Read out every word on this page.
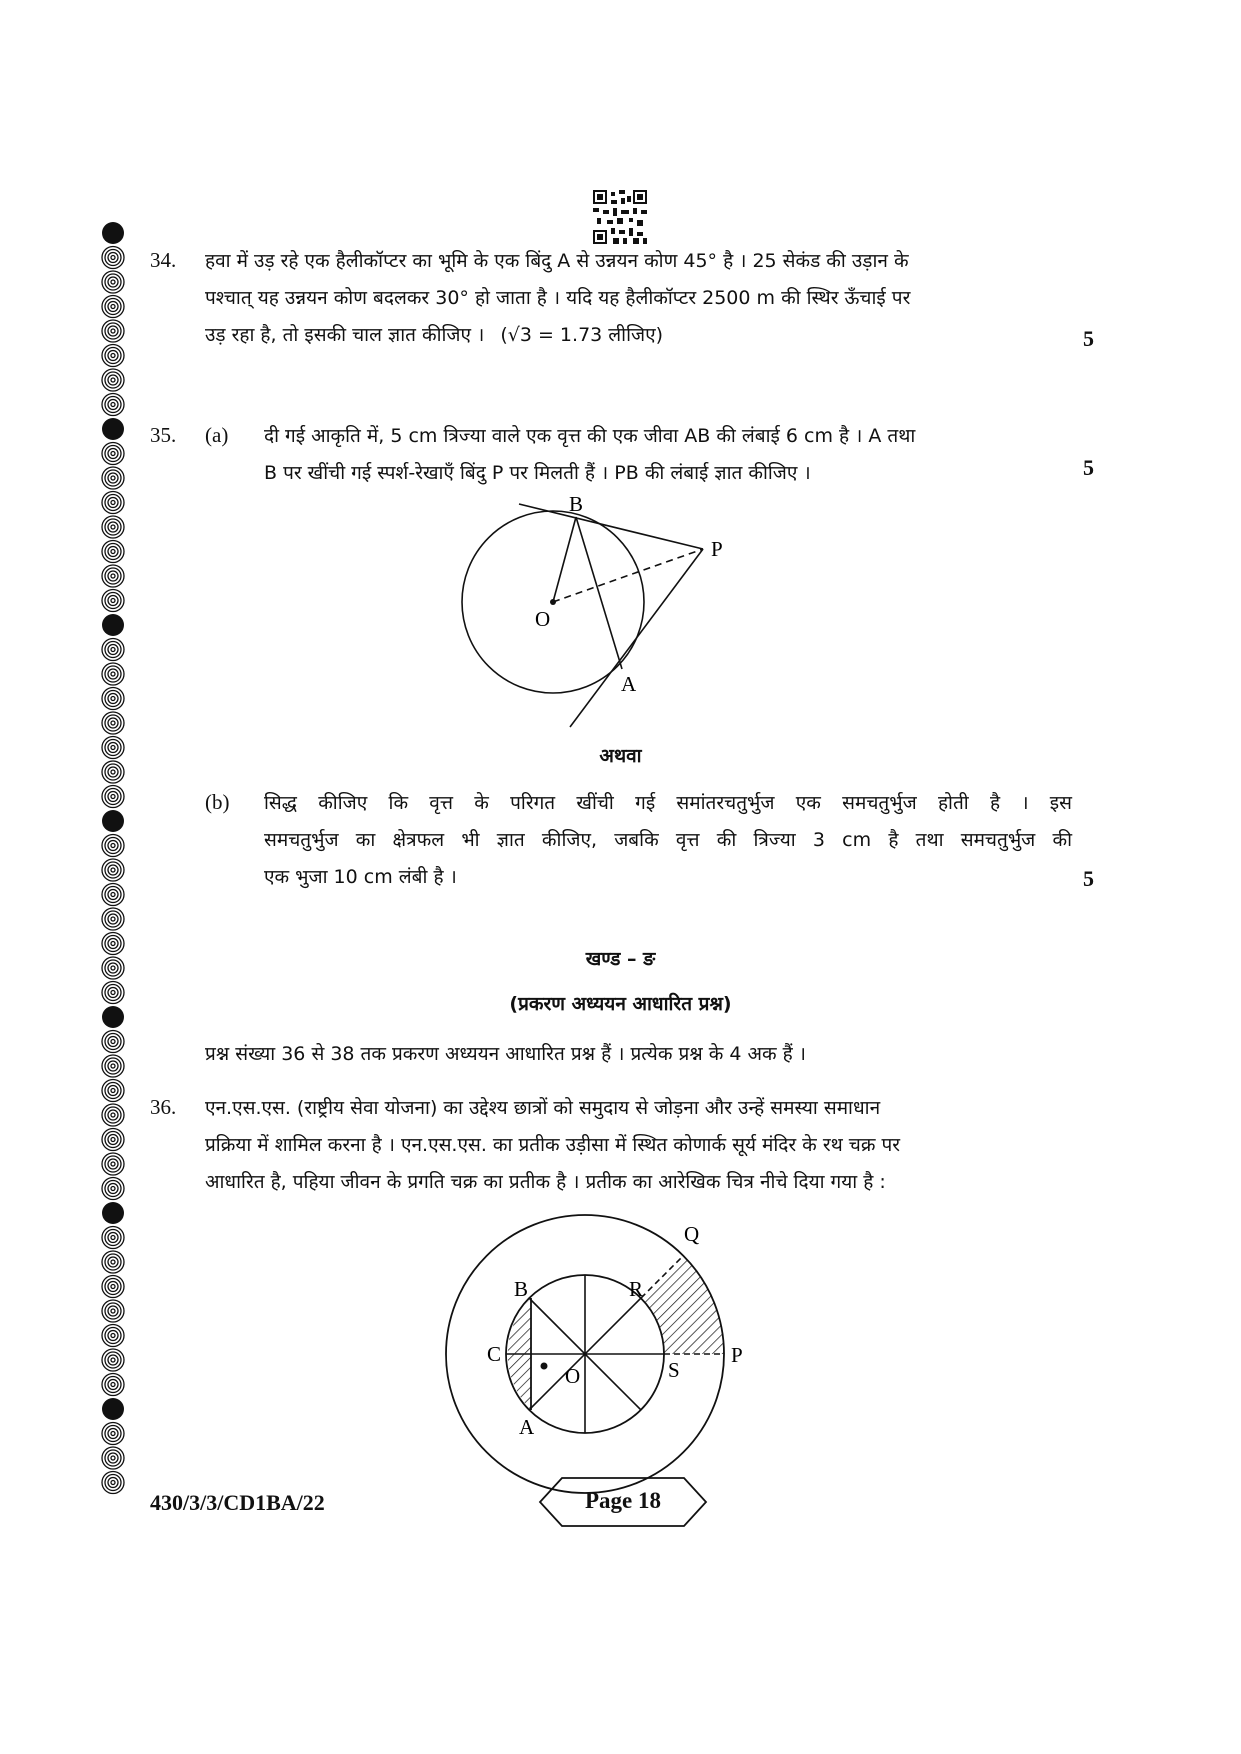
34. हवा में उड़ रहे एक हैलीकॉप्टर का भूमि के एक बिंदु A से उन्नयन कोण 45° है । 25 सेकंड की उड़ान के
पश्चात् यह उन्नयन कोण बदलकर 30° हो जाता है । यदि यह हैलीकॉप्टर 2500 m की स्थिर ऊँचाई पर
उड़ रहा है, तो इसकी चाल ज्ञात कीजिए । (√3 = 1.73 लीजिए)	5
35. (a) दी गई आकृति में, 5 cm त्रिज्या वाले एक वृत्त की एक जीवा AB की लंबाई 6 cm है । A तथा
B पर खींची गई स्पर्श-रेखाएँ बिंदु P पर मिलती हैं । PB की लंबाई ज्ञात कीजिए ।	5
B
P
O
A
अथवा
(b) सिद्ध कीजिए कि वृत्त के परिगत खींची गई समांतरचतुर्भुज एक समचतुर्भुज होती है । इस
समचतुर्भुज का क्षेत्रफल भी ज्ञात कीजिए, जबकि वृत्त की त्रिज्या 3 cm है तथा समचतुर्भुज की
एक भुजा 10 cm लंबी है ।	5
खण्ड – ङ
(प्रकरण अध्ययन आधारित प्रश्न)
प्रश्न संख्या 36 से 38 तक प्रकरण अध्ययन आधारित प्रश्न हैं । प्रत्येक प्रश्न के 4 अक हैं ।
36. एन.एस.एस. (राष्ट्रीय सेवा योजना) का उद्देश्य छात्रों को समुदाय से जोड़ना और उन्हें समस्या समाधान
प्रक्रिया में शामिल करना है । एन.एस.एस. का प्रतीक उड़ीसा में स्थित कोणार्क सूर्य मंदिर के रथ चक्र पर
आधारित है, पहिया जीवन के प्रगति चक्र का प्रतीक है । प्रतीक का आरेखिक चित्र नीचे दिया गया है :
Q
R
B
C
S
P
O
A
430/3/3/CD1BA/22	Page 18
